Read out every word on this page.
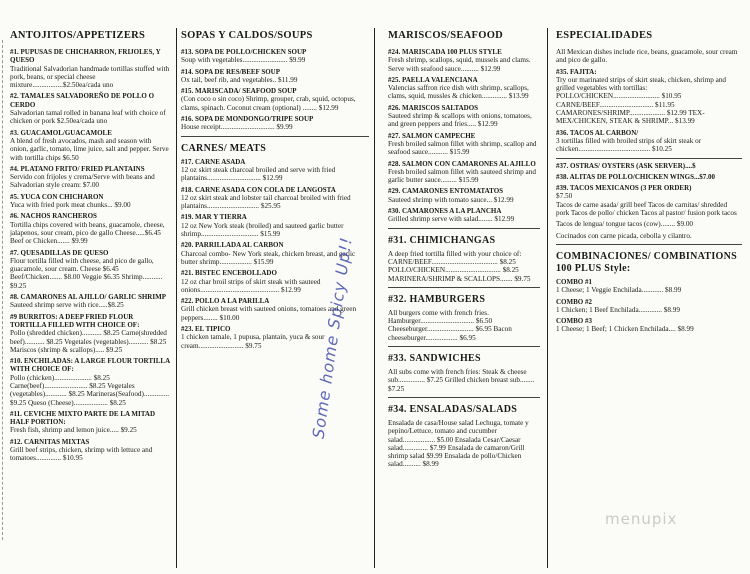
ANTOJITOS/APPETIZERS
#1. PUPUSAS DE CHICHARRON, FRIJOLES, Y QUESO
Traditional Salvadorian handmade tortillas stuffed with pork, beans, or special cheese mixture.................$2.50ea/cada uno
#2. TAMALES SALVADOREÑO DE POLLO O CERDO
Salvadorian tamal rolled in banana leaf with choice of chicken or pork $2.50ea/cada uno
#3. GUACAMOL/GUACAMOLE
A blend of fresh avocados, mash and season with onion, garlic, tomato, lime juice, salt and pepper. Serve with tortilla chips $6.50
#4. PLATANO FRITO/ FRIED PLANTAINS
Servido con frijoles y crema/Serve with beans and Salvadorian style cream: $7.00
#5. YUCA CON CHICHARON
Yuca with fried pork meat chunks... $9.00
#6. NACHOS RANCHEROS
Tortilla chips covered with beans, guacamole, cheese, jalapenos, sour cream, pico de gallo Cheese.....$6.45 Beef or Chicken....... $9.99
#7. QUESADILLAS DE QUESO
Flour tortilla filled with cheese, and pico de gallo, guacamole, sour cream. Cheese $6.45 Beef/Chicken....... $8.00 Veggie $6.35 Shrimp........... $9.25
#8. CAMARONES AL AJILLO/ GARLIC SHRIMP
Sauteed shrimp serve with rice.....$8.25
#9 BURRITOS: A DEEP FRIED FLOUR TORTILLA FILLED WITH CHOICE OF:
Pollo (shredded chicken)........... $8.25 Carne(shredded beef)........... $8.25 Vegetales (vegetables)........... $8.25 Mariscos (shrimp & scallops)..... $9.25
#10. ENCHILADAS: A LARGE FLOUR TORTILLA WITH CHOICE OF:
Pollo (chicken)..................... $8.25 Carne(beef)........................ $8.25 Vegetales (vegetables)............ $8.25 Marineras(Seafood).............. $9.25 Queso (Cheese)................... $8.25
#11. CEVICHE MIXTO PARTE DE LA MITAD HALF PORTION:
Fresh fish, shrimp and lemon juice..... $9.25
#12. CARNITAS MIXTAS
Grill beef strips, chicken, shrimp with lettuce and tomatoes.............. $10.95
SOPAS Y CALDOS/SOUPS
#13. SOPA DE POLLO/CHICKEN SOUP
Soup with vegetables......................... $9.99
#14. SOPA DE RES/BEEF SOUP
Ox tail, beef rib, and vegetables.. $11.99
#15. MARISCADA/ SEAFOOD SOUP
(Con coco o sin coco) Shrimp, grouper, crab, squid, octopus, clams, spinach. Coconut cream (optional) ........ $12.99
#16. SOPA DE MONDONGO/TRIPE SOUP
House receipt.............................. $9.99
CARNES/ MEATS
#17. CARNE ASADA
12 oz skirt steak charcoal broiled and serve with fried plantains.............................. $12.99
#18. CARNE ASADA CON COLA DE LANGOSTA
12 oz skirt steak and lobster tail charcoal broiled with fried plantains............................. $25.95
#19. MAR Y TIERRA
12 oz New York steak (broiled) and sauteed garlic butter shrimp................................ $15.99
#20. PARRILLADA AL CARBON
Charcoal combo- New York steak, chicken breast, and garlic butter shrimp.................. $15.99
#21. BISTEC ENCEBOLLADO
12 oz char broil strips of skirt steak with sauteed onions............................................ $12.99
#22. POLLO A LA PARILLA
Grill chicken breast with sauteed onions, tomatoes and green peppers........ $10.00
#23. EL TIPICO
1 chicken tamale, 1 pupusa, plantain, yuca & sour cream......................... $9.75
MARISCOS/SEAFOOD
#24. MARISCADA 100 PLUS STYLE
Fresh shrimp, scallops, squid, mussels and clams. Serve with seafood sauce.......... $12.99
#25. PAELLA VALENCIANA
Valencias saffron rice dish with shrimp, scallops, clams, squid, mussles & chicken.............. $13.99
#26. MARISCOS SALTADOS
Sauteed shrimp & scallops with onions, tomatoes, and green peppers and fries..... $12.99
#27. SALMON CAMPECHE
Fresh broiled salmon fillet with shrimp, scallop and seafood sauce........... $15.99
#28. SALMON CON CAMARONES AL AJILLO
Fresh broiled salmon fillet with sauteed shrimp and garlic butter sauce......... $15.99
#29. CAMARONES ENTOMATATOS
Sauteed shrimp with tomato sauce... $12.99
#30. CAMARONES A LA PLANCHA
Grilled shrimp serve with salad........ $12.99
#31. CHIMICHANGAS
A deep fried tortilla filled with your choice of: CARNE/BEEF..................................... $8.25 POLLO/CHICKEN............................... $8.25 MARINERA/SHRIMP & SCALLOPS....... $9.75
#32. HAMBURGERS
All burgers come with french fries. Hamburger.............................. $6.50 Cheeseburger.......................... $6.95 Bacon cheeseburger.................. $6.95
#33. SANDWICHES
All subs come with french fries: Steak & cheese sub............... $7.25 Grilled chicken breast sub........ $7.25
#34. ENSALADAS/SALADS
Ensalada de casa/House salad Lechuga, tomate y pepino/Lettuce, tomato and cucumber salad.................. $5.00 Ensalada Cesar/Caesar salad.............. $7.99 Ensalada de camaron/Grill shrimp salad $9.99 Ensalada de pollo/Chicken salad.......... $8.99
ESPECIALIDADES
All Mexican dishes include rice, beans, guacamole, sour cream and pico de gallo.
#35. FAJITA:
Try our marinated strips of skirt steak, chicken, shrimp and grilled vegetables with tortillas: POLLO/CHICKEN.......................... $10.95 CARNE/BEEF.............................. $11.95 CAMARONES/SHRIMP.................... $12.99 TEX-MEX/CHICKEN, STEAK & SHRIMP... $13.99
#36. TACOS AL CARBON/
3 tortillas filled with broiled strips of skirt steak or chicken........................................ $10.25
#37. OSTRAS/ OYSTERS (ASK SERVER)....$
#38. ALITAS DE POLLO/CHICKEN WINGS...$7.00
#39. TACOS MEXICANOS (3 PER ORDER)
$7.50
Tacos de carne asada/ grill beef Tacos de carnitas/ shredded pork Tacos de pollo/ chicken Tacos al pastor/ fusion pork tacos
Tacos de lengua/ tongue tacos (cow)........ $9.00
Cocinados con carne picada, cebolla y cilantro.
COMBINACIONES/ COMBINATIONS 100 PLUS Style:
COMBO #1
1 Cheese; 1 Veggie Enchilada............ $8.99
COMBO #2
1 Chicken; 1 Beef Enchilada............. $8.99
COMBO #3
1 Cheese; 1 Beef; 1 Chicken Enchilada.... $8.99
Some home Spicy Up!!
menupix
